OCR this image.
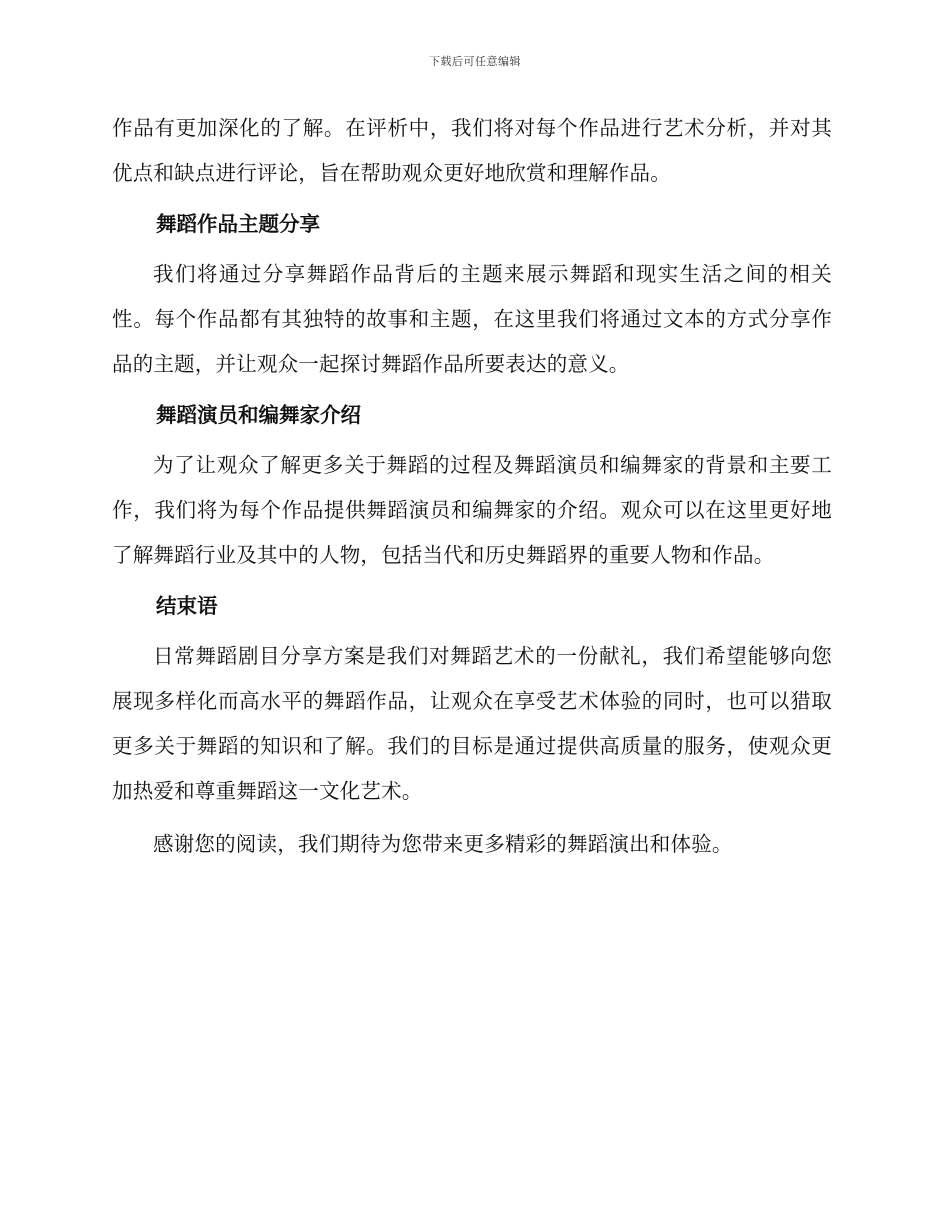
下载后可任意编辑

作品有更加深化的了解。在评析中，我们将对每个作品进行艺术分析，并对其优点和缺点进行评论，旨在帮助观众更好地欣赏和理解作品。

舞蹈作品主题分享

我们将通过分享舞蹈作品背后的主题来展示舞蹈和现实生活之间的相关性。每个作品都有其独特的故事和主题，在这里我们将通过文本的方式分享作品的主题，并让观众一起探讨舞蹈作品所要表达的意义。

舞蹈演员和编舞家介绍

为了让观众了解更多关于舞蹈的过程及舞蹈演员和编舞家的背景和主要工作，我们将为每个作品提供舞蹈演员和编舞家的介绍。观众可以在这里更好地了解舞蹈行业及其中的人物，包括当代和历史舞蹈界的重要人物和作品。

结束语

日常舞蹈剧目分享方案是我们对舞蹈艺术的一份献礼，我们希望能够向您展现多样化而高水平的舞蹈作品，让观众在享受艺术体验的同时，也可以猎取更多关于舞蹈的知识和了解。我们的目标是通过提供高质量的服务，使观众更加热爱和尊重舞蹈这一文化艺术。

感谢您的阅读，我们期待为您带来更多精彩的舞蹈演出和体验。
